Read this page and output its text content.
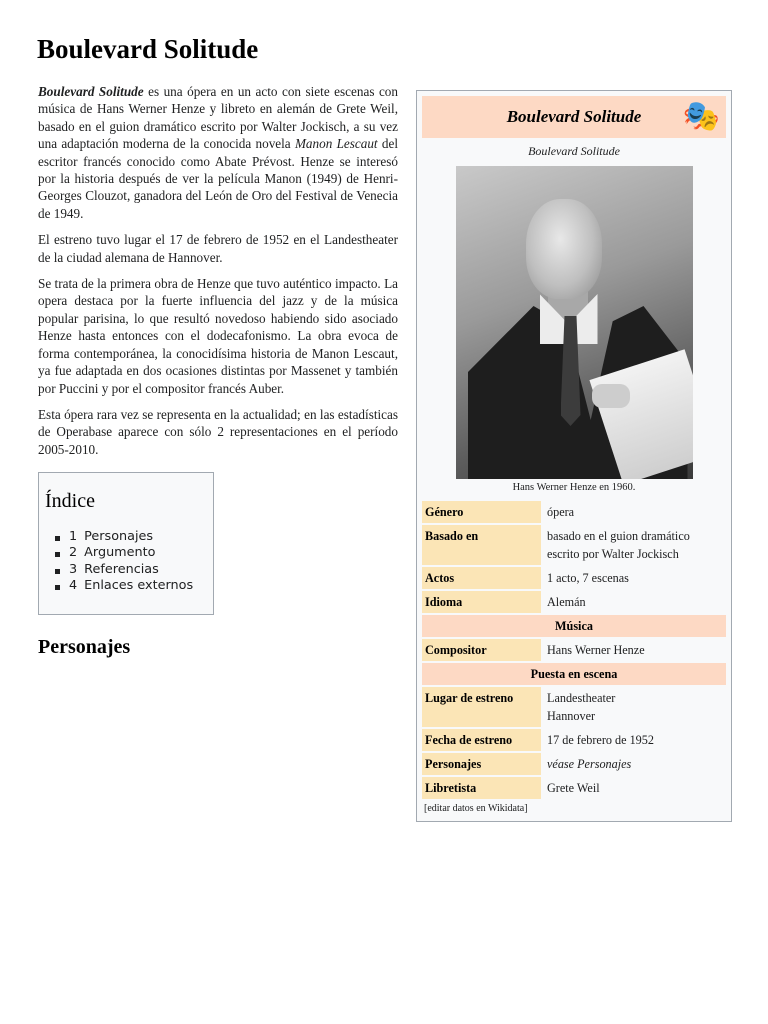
Boulevard Solitude

Boulevard Solitude es una ópera en un acto con siete escenas con música de Hans Werner Henze y libreto en alemán de Grete Weil, basado en el guion dramático escrito por Walter Jockisch, a su vez una adaptación moderna de la conocida novela Manon Lescaut del escritor francés conocido como Abate Prévost. Henze se interesó por la historia después de ver la película Manon (1949) de Henri-Georges Clouzot, ganadora del León de Oro del Festival de Venecia de 1949.

El estreno tuvo lugar el 17 de febrero de 1952 en el Landestheater de la ciudad alemana de Hannover.

Se trata de la primera obra de Henze que tuvo auténtico impacto. La opera destaca por la fuerte influencia del jazz y de la música popular parisina, lo que resultó novedoso habiendo sido asociado Henze hasta entonces con el dodecafonismo. La obra evoca de forma contemporánea, la conocidísima historia de Manon Lescaut, ya fue adaptada en dos ocasiones distintas por Massenet y también por Puccini y por el compositor francés Auber.

Esta ópera rara vez se representa en la actualidad; en las estadísticas de Operabase aparece con sólo 2 representaciones en el período 2005-2010.

Índice
1 Personajes
2 Argumento
3 Referencias
4 Enlaces externos
Personajes
Boulevard Solitude 🎭
Boulevard Solitude
Hans Werner Henze en 1960.
Género	ópera
Basado en	basado en el guion dramático
escrito por Walter Jockisch
Actos	1 acto, 7 escenas
Idioma	Alemán
Música	
Compositor	Hans Werner Henze
Puesta en escena	
Lugar de estreno	Landestheater
Hannover
Fecha de estreno	17 de febrero de 1952
Personajes	véase Personajes
Libretista	Grete Weil
[editar datos en Wikidata]
